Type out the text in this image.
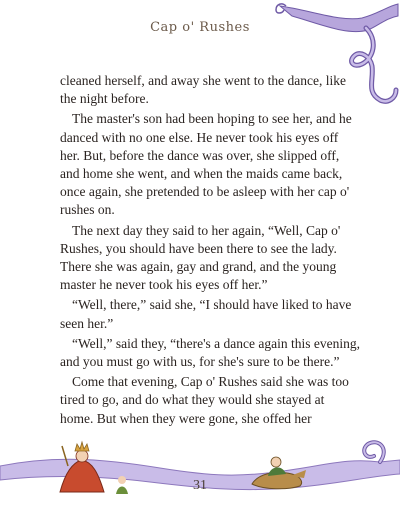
Cap o' Rushes

cleaned herself, and away she went to the dance, like the night before.

The master's son had been hoping to see her, and he danced with no one else. He never took his eyes off her. But, before the dance was over, she slipped off, and home she went, and when the maids came back, once again, she pretended to be asleep with her cap o' rushes on.

The next day they said to her again, “Well, Cap o' Rushes, you should have been there to see the lady. There she was again, gay and grand, and the young master he never took his eyes off her.”

“Well, there,” said she, “I should have liked to have seen her.”

“Well,” said they, “there's a dance again this evening, and you must go with us, for she's sure to be there.”

Come that evening, Cap o' Rushes said she was too tired to go, and do what they would she stayed at home. But when they were gone, she offed her

31
